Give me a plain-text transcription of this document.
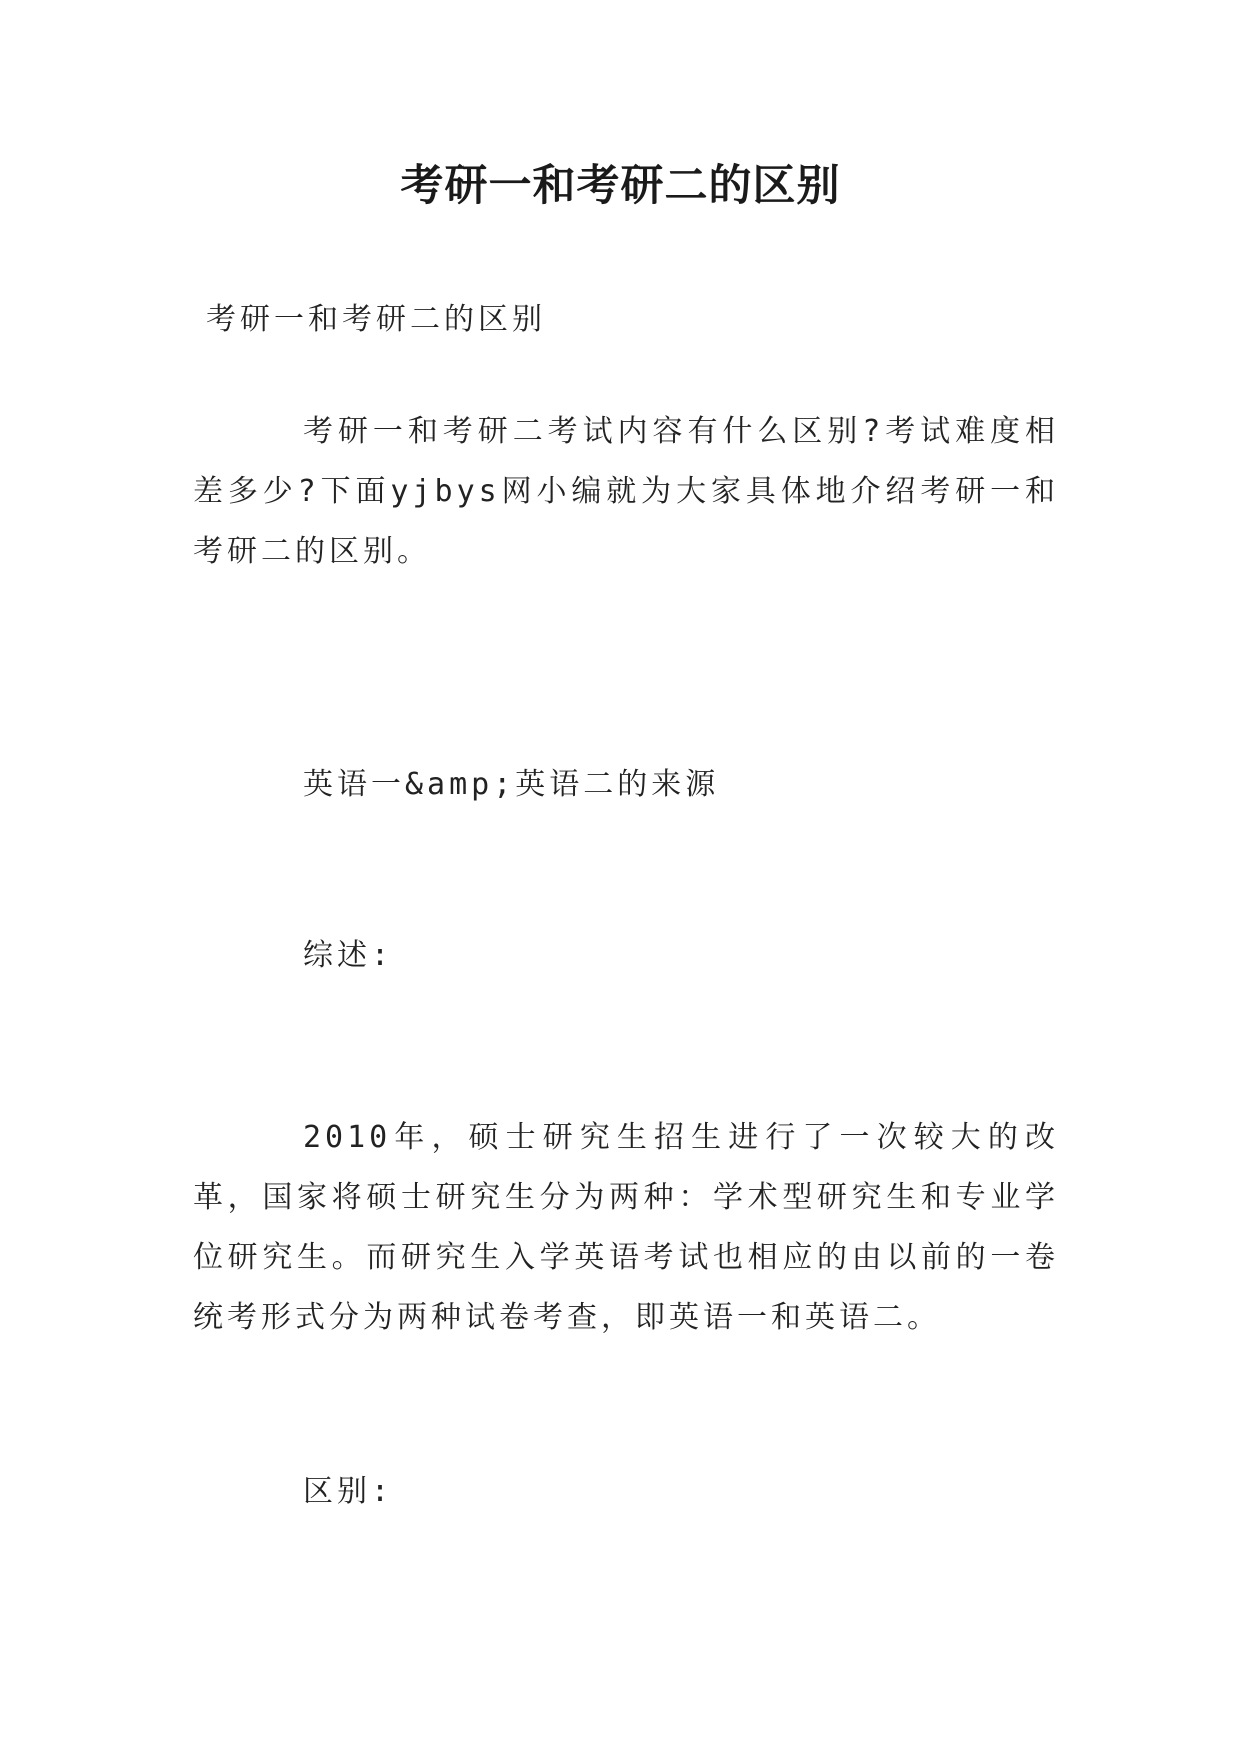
考研一和考研二的区别
考研一和考研二的区别
考研一和考研二考试内容有什么区别?考试难度相差多少?下面yjbys网小编就为大家具体地介绍考研一和考研二的区别。
英语一&amp;英语二的来源
综述:
2010年，硕士研究生招生进行了一次较大的改革，国家将硕士研究生分为两种：学术型研究生和专业学位研究生。而研究生入学英语考试也相应的由以前的一卷统考形式分为两种试卷考查，即英语一和英语二。
区别:
